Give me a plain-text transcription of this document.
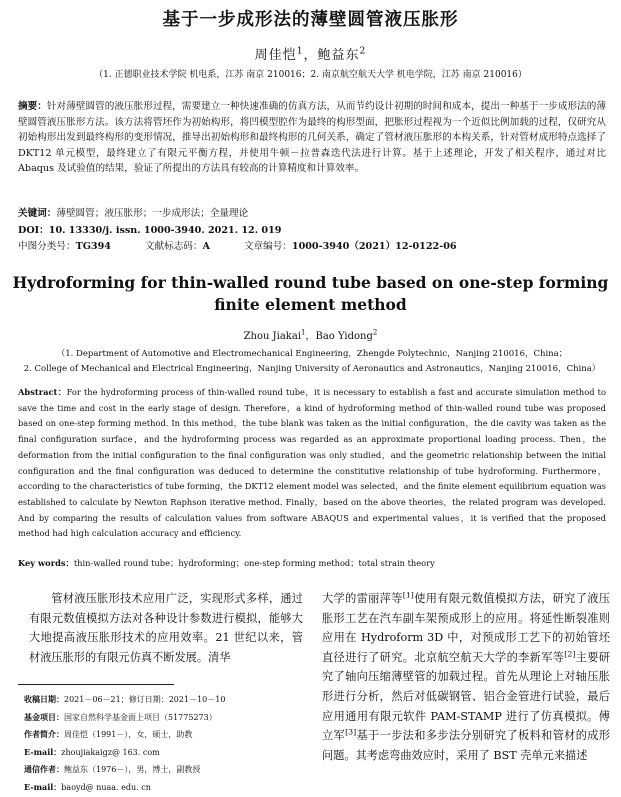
基于一步成形法的薄壁圆管液压胀形
周佳恺$^1$，鲍益东$^2$
（1. 正德职业技术学院 机电系，江苏 南京 210016；2. 南京航空航天大学 机电学院，江苏 南京 210016）
摘要：针对薄壁圆管的液压胀形过程，需要建立一种快速准确的仿真方法，从而节约设计初期的时间和成本，提出一种基于一步成形法的薄壁圆管液压胀形方法。该方法将管坯作为初始构形，将凹模型腔作为最终的构形型面，把胀形过程视为一个近似比例加载的过程，仅研究从初始构形出发到最终构形的变形情况，推导出初始构形和最终构形的几何关系，确定了管材液压胀形的本构关系，针对管材成形特点选择了 DKT12 单元模型，最终建立了有限元平衡方程，并使用牛顿－拉普森迭代法进行计算。基于上述理论，开发了相关程序，通过对比 Abaqus 及试验值的结果，验证了所提出的方法具有较高的计算精度和计算效率。
关键词：薄壁圆管；液压胀形；一步成形法；全量理论
DOI：10. 13330/j. issn. 1000-3940. 2021. 12. 019
中图分类号：TG394	文献标志码：A	文章编号：1000-3940（2021）12-0122-06
Hydroforming for thin-walled round tube based on one-step forming
finite element method
Zhou Jiakai$^1$，Bao Yidong$^2$
（1. Department of Automotive and Electromechanical Engineering，Zhengde Polytechnic，Nanjing 210016，China；
2. College of Mechanical and Electrical Engineering，Nanjing University of Aeronautics and Astronautics，Nanjing 210016，China）
Abstract：For the hydroforming process of thin-walled round tube，it is necessary to establish a fast and accurate simulation method to save the time and cost in the early stage of design. Therefore，a kind of hydroforming method of thin-walled round tube was proposed based on one-step forming method. In this method，the tube blank was taken as the initial configuration，the die cavity was taken as the final configuration surface，and the hydroforming process was regarded as an approximate proportional loading process. Then，the deformation from the initial configuration to the final configuration was only studied，and the geometric relationship between the initial configuration and the final configuration was deduced to determine the constitutive relationship of tube hydroforming. Furthermore，according to the characteristics of tube forming，the DKT12 element model was selected，and the finite element equilibrium equation was established to calculate by Newton Raphson iterative method. Finally，based on the above theories，the related program was developed. And by comparing the results of calculation values from software ABAQUS and experimental values，it is verified that the proposed method had high calculation accuracy and efficiency.
Key words：thin-walled round tube；hydroforming；one-step forming method；total strain theory
管材液压胀形技术应用广泛，实现形式多样，通过有限元数值模拟方法对各种设计参数进行模拟，能够大大地提高液压胀形技术的应用效率。21 世纪以来，管材液压胀形的有限元仿真不断发展。清华
收稿日期：2021－06－21；修订日期：2021－10－10
基金项目：国家自然科学基金面上项目（51775273）
作者简介：周佳恺（1991－），女，硕士，助教
E-mail：zhoujiakaigz@ 163. com
通信作者：鲍益东（1976－），男，博士，副教授
E-mail：baoyd@ nuaa. edu. cn
大学的雷丽萍等[1]使用有限元数值模拟方法，研究了液压胀形工艺在汽车副车架预成形上的应用。将延性断裂准则应用在 Hydroform 3D 中，对预成形工艺下的初始管坯直径进行了研究。北京航空航天大学的李新军等[2]主要研究了轴向压缩薄壁管的加载过程。首先从理论上对轴压胀形进行分析，然后对低碳钢管、铝合金管进行试验，最后应用通用有限元软件 PAM-STAMP 进行了仿真模拟。傅立军[3]基于一步法和多步法分别研究了板料和管材的成形问题。其考虑弯曲效应时，采用了 BST 壳单元来描述
